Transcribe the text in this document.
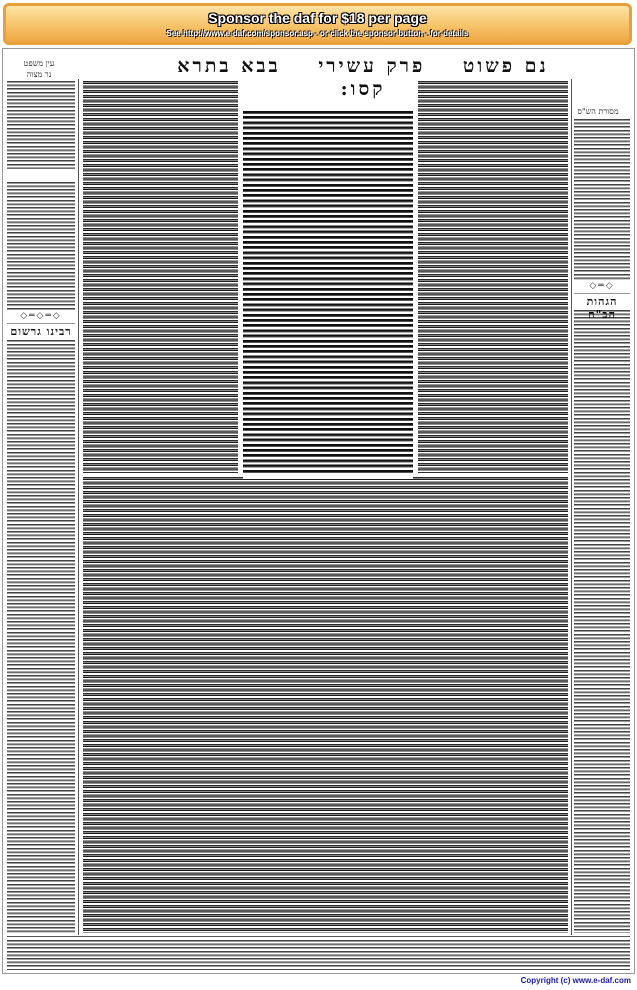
Sponsor the daf for $18 per page
See http://www.e-daf.com/sponsor.asp - or click the sponsor button - for details
נם פשוט פרק עשירי בבא בתרא קסו:
עין משפט
נר מצוה
מסורת הש"ס
◇═◇═◇
רבינו גרשום
◇═◇
הגהות הב"ח
Copyright (c) www.e-daf.com
